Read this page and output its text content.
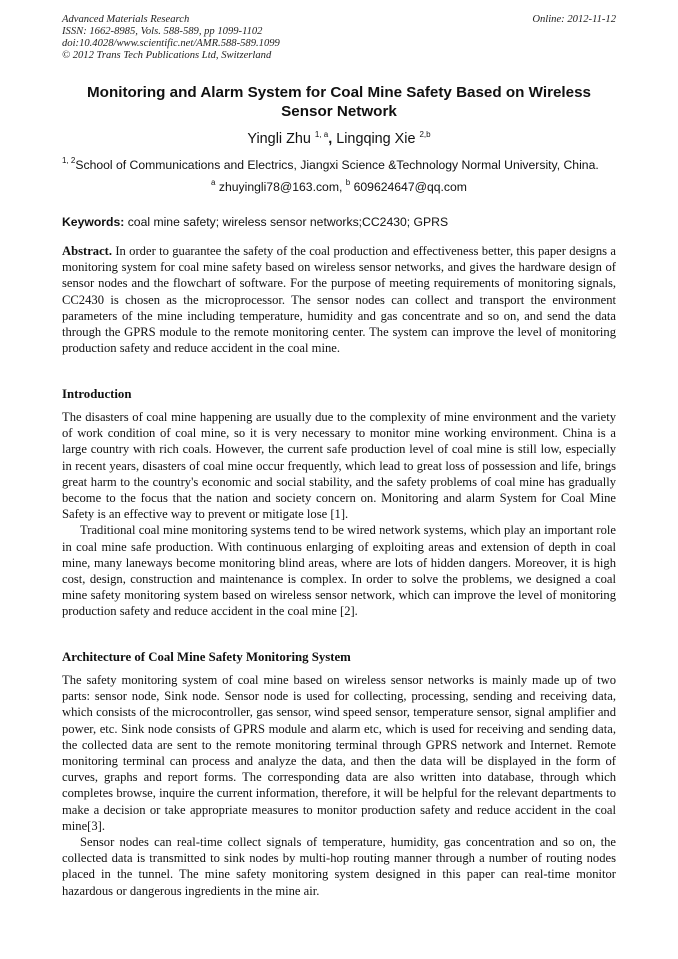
Advanced Materials Research
ISSN: 1662-8985, Vols. 588-589, pp 1099-1102
doi:10.4028/www.scientific.net/AMR.588-589.1099
© 2012 Trans Tech Publications Ltd, Switzerland
Online: 2012-11-12
Monitoring and Alarm System for Coal Mine Safety Based on Wireless
Sensor Network
Yingli Zhu $^{1, a}$, Lingqing Xie $^{2,b}$
$^{1, 2}$School of Communications and Electrics, Jiangxi Science &Technology Normal University, China.
$^a$ zhuyingli78@163.com, $^b$ 609624647@qq.com
Keywords: coal mine safety; wireless sensor networks;CC2430; GPRS

Abstract. In order to guarantee the safety of the coal production and effectiveness better, this paper designs a monitoring system for coal mine safety based on wireless sensor networks, and gives the hardware design of sensor nodes and the flowchart of software. For the purpose of meeting requirements of monitoring signals, CC2430 is chosen as the microprocessor. The sensor nodes can collect and transport the environment parameters of the mine including temperature, humidity and gas concentrate and so on, and send the data through the GPRS module to the remote monitoring center. The system can improve the level of monitoring production safety and reduce accident in the coal mine.

Introduction

The disasters of coal mine happening are usually due to the complexity of mine environment and the variety of work condition of coal mine, so it is very necessary to monitor mine working environment. China is a large country with rich coals. However, the current safe production level of coal mine is still low, especially in recent years, disasters of coal mine occur frequently, which lead to great loss of possession and life, brings great harm to the country's economic and social stability, and the safety problems of coal mine has gradually become to the focus that the nation and society concern on. Monitoring and alarm System for Coal Mine Safety is an effective way to prevent or mitigate lose [1].

Traditional coal mine monitoring systems tend to be wired network systems, which play an important role in coal mine safe production. With continuous enlarging of exploiting areas and extension of depth in coal mine, many laneways become monitoring blind areas, where are lots of hidden dangers. Moreover, it is high cost, design, construction and maintenance is complex. In order to solve the problems, we designed a coal mine safety monitoring system based on wireless sensor network, which can improve the level of monitoring production safety and reduce accident in the coal mine [2].

Architecture of Coal Mine Safety Monitoring System

The safety monitoring system of coal mine based on wireless sensor networks is mainly made up of two parts: sensor node, Sink node. Sensor node is used for collecting, processing, sending and receiving data, which consists of the microcontroller, gas sensor, wind speed sensor, temperature sensor, signal amplifier and power, etc. Sink node consists of GPRS module and alarm etc, which is used for receiving and sending data, the collected data are sent to the remote monitoring terminal through GPRS network and Internet. Remote monitoring terminal can process and analyze the data, and then the data will be displayed in the form of curves, graphs and report forms. The corresponding data are also written into database, through which completes browse, inquire the current information, therefore, it will be helpful for the relevant departments to make a decision or take appropriate measures to monitor production safety and reduce accident in the coal mine[3].

Sensor nodes can real-time collect signals of temperature, humidity, gas concentration and so on, the collected data is transmitted to sink nodes by multi-hop routing manner through a number of routing nodes placed in the tunnel. The mine safety monitoring system designed in this paper can real-time monitor hazardous or dangerous ingredients in the mine air.
